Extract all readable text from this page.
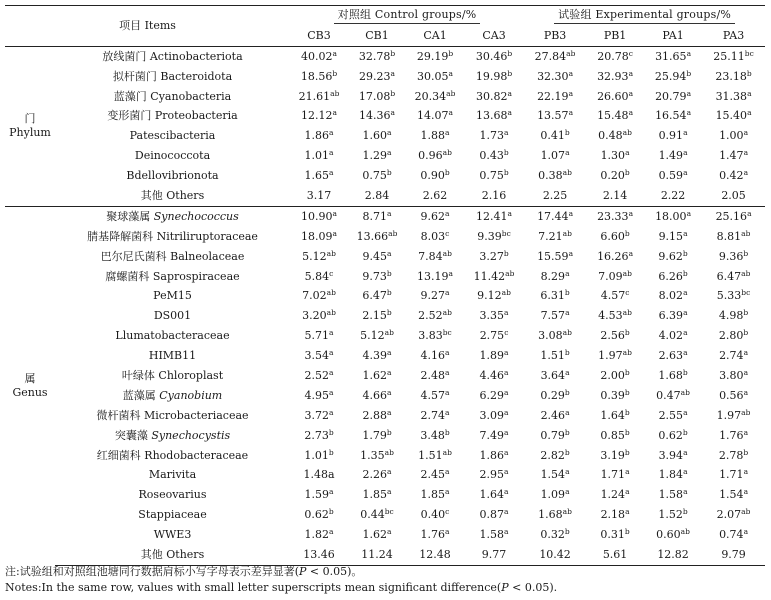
项目 Items		对照组 Control groups/%				试验组 Experimental groups/%			
		CB3	CB1	CA1	CA3	PB3	PB1	PA1	PA3

门
Phylum	放线菌门 Actinobacteriota	40.02$^a$	32.78$^b$	29.19$^b$	30.46$^b$	27.84$^{ab}$	20.78$^c$	31.65$^a$	25.11$^{bc}$
	拟杆菌门 Bacteroidota	18.56$^b$	29.23$^a$	30.05$^a$	19.98$^b$	32.30$^a$	32.93$^a$	25.94$^b$	23.18$^b$
	蓝藻门 Cyanobacteria	21.61$^{ab}$	17.08$^b$	20.34$^{ab}$	30.82$^a$	22.19$^a$	26.60$^a$	20.79$^a$	31.38$^a$
	变形菌门 Proteobacteria	12.12$^a$	14.36$^a$	14.07$^a$	13.68$^a$	13.57$^a$	15.48$^a$	16.54$^a$	15.40$^a$
	Patescibacteria	1.86$^a$	1.60$^a$	1.88$^a$	1.73$^a$	0.41$^b$	0.48$^{ab}$	0.91$^a$	1.00$^a$
	Deinococcota	1.01$^a$	1.29$^a$	0.96$^{ab}$	0.43$^b$	1.07$^a$	1.30$^a$	1.49$^a$	1.47$^a$
	Bdellovibrionota	1.65$^a$	0.75$^b$	0.90$^b$	0.75$^b$	0.38$^{ab}$	0.20$^b$	0.59$^a$	0.42$^a$
	其他 Others	3.17	2.84	2.62	2.16	2.25	2.14	2.22	2.05

属
Genus	聚球藻属 Synechococcus	10.90$^a$	8.71$^a$	9.62$^a$	12.41$^a$	17.44$^a$	23.33$^a$	18.00$^a$	25.16$^a$
	腈基降解菌科 Nitriliruptoraceae	18.09$^a$	13.66$^{ab}$	8.03$^c$	9.39$^{bc}$	7.21$^{ab}$	6.60$^b$	9.15$^a$	8.81$^{ab}$
	巴尔尼氏菌科 Balneolaceae	5.12$^{ab}$	9.45$^a$	7.84$^{ab}$	3.27$^b$	15.59$^a$	16.26$^a$	9.62$^b$	9.36$^b$
	腐螺菌科 Saprospiraceae	5.84$^c$	9.73$^b$	13.19$^a$	11.42$^{ab}$	8.29$^a$	7.09$^{ab}$	6.26$^b$	6.47$^{ab}$
	PeM15	7.02$^{ab}$	6.47$^b$	9.27$^a$	9.12$^{ab}$	6.31$^b$	4.57$^c$	8.02$^a$	5.33$^{bc}$
	DS001	3.20$^{ab}$	2.15$^b$	2.52$^{ab}$	3.35$^a$	7.57$^a$	4.53$^{ab}$	6.39$^a$	4.98$^b$
	Llumatobacteraceae	5.71$^a$	5.12$^{ab}$	3.83$^{bc}$	2.75$^c$	3.08$^{ab}$	2.56$^b$	4.02$^a$	2.80$^b$
	HIMB11	3.54$^a$	4.39$^a$	4.16$^a$	1.89$^a$	1.51$^b$	1.97$^{ab}$	2.63$^a$	2.74$^a$
	叶绿体 Chloroplast	2.52$^a$	1.62$^a$	2.48$^a$	4.46$^a$	3.64$^a$	2.00$^b$	1.68$^b$	3.80$^a$
	蓝藻属 Cyanobium	4.95$^a$	4.66$^a$	4.57$^a$	6.29$^a$	0.29$^b$	0.39$^b$	0.47$^{ab}$	0.56$^a$
	微杆菌科 Microbacteriaceae	3.72$^a$	2.88$^a$	2.74$^a$	3.09$^a$	2.46$^a$	1.64$^b$	2.55$^a$	1.97$^{ab}$
	突囊藻 Synechocystis	2.73$^b$	1.79$^b$	3.48$^b$	7.49$^a$	0.79$^b$	0.85$^b$	0.62$^b$	1.76$^a$
	红细菌科 Rhodobacteraceae	1.01$^b$	1.35$^{ab}$	1.51$^{ab}$	1.86$^a$	2.82$^b$	3.19$^b$	3.94$^a$	2.78$^b$
	Marivita	1.48a	2.26$^a$	2.45$^a$	2.95$^a$	1.54$^a$	1.71$^a$	1.84$^a$	1.71$^a$
	Roseovarius	1.59$^a$	1.85$^a$	1.85$^a$	1.64$^a$	1.09$^a$	1.24$^a$	1.58$^a$	1.54$^a$
	Stappiaceae	0.62$^b$	0.44$^{bc}$	0.40$^c$	0.87$^a$	1.68$^{ab}$	2.18$^a$	1.52$^b$	2.07$^{ab}$
	WWE3	1.82$^a$	1.62$^a$	1.76$^a$	1.58$^a$	0.32$^b$	0.31$^b$	0.60$^{ab}$	0.74$^a$
	其他 Others	13.46	11.24	12.48	9.77	10.42	5.61	12.82	9.79
注:试验组和对照组池塘同行数据肩标小写字母表示差异显著(P < 0.05)。
Notes:In the same row, values with small letter superscripts mean significant difference(P < 0.05).
